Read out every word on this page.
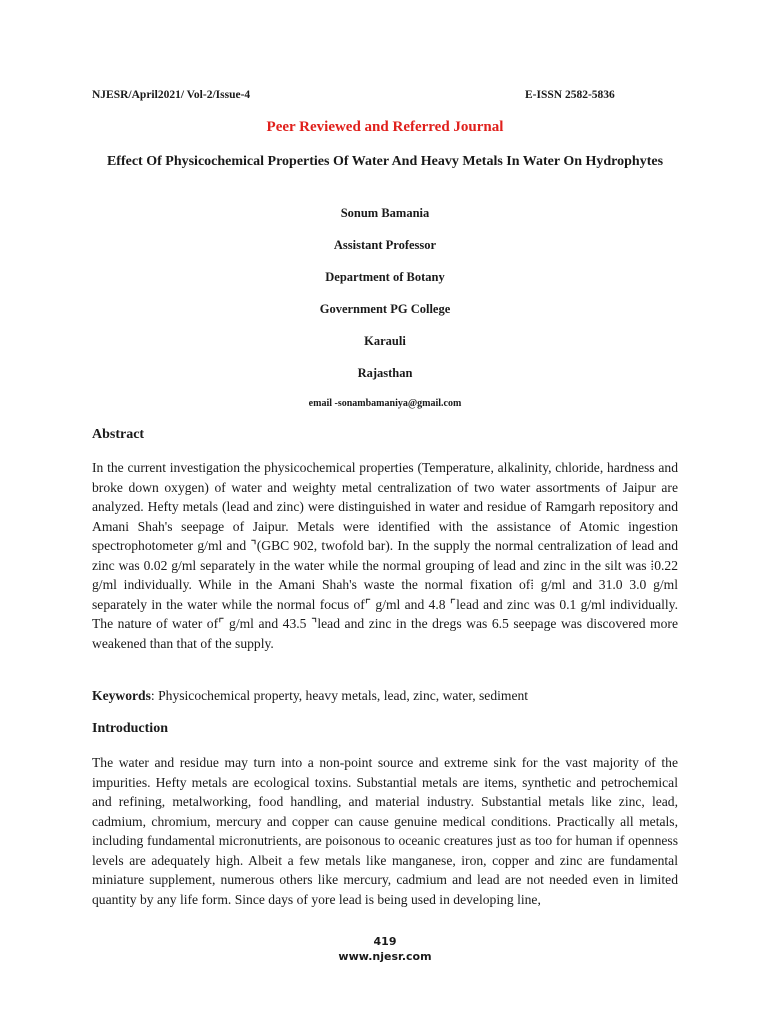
NJESR/April2021/ Vol-2/Issue-4	E-ISSN 2582-5836
Peer Reviewed and Referred Journal
Effect Of Physicochemical Properties Of Water And Heavy Metals In Water On Hydrophytes
Sonum Bamania
Assistant Professor
Department of Botany
Government PG College
Karauli
Rajasthan
email -sonambamaniya@gmail.com
Abstract

In the current investigation the physicochemical properties (Temperature, alkalinity, chloride, hardness and broke down oxygen) of water and weighty metal centralization of two water assortments of Jaipur are analyzed. Hefty metals (lead and zinc) were distinguished in water and residue of Ramgarh repository and Amani Shah's seepage of Jaipur. Metals were identified with the assistance of Atomic ingestion spectrophotometer g/ml and ⌝(GBC 902, twofold bar). In the supply the normal centralization of lead and zinc was 0.02 g/ml separately in the water while the normal grouping of lead and zinc in the silt was ⁞0.22 g/ml individually. While in the Amani Shah's waste the normal fixation of⁞ g/ml and 31.0 3.0 g/ml separately in the water while the normal focus of⌜ g/ml and 4.8 ⌜lead and zinc was 0.1 g/ml individually. The nature of water of⌜ g/ml and 43.5 ⌝lead and zinc in the dregs was 6.5 seepage was discovered more weakened than that of the supply.

Keywords: Physicochemical property, heavy metals, lead, zinc, water, sediment

Introduction

The water and residue may turn into a non-point source and extreme sink for the vast majority of the impurities. Hefty metals are ecological toxins. Substantial metals are items, synthetic and petrochemical and refining, metalworking, food handling, and material industry. Substantial metals like zinc, lead, cadmium, chromium, mercury and copper can cause genuine medical conditions. Practically all metals, including fundamental micronutrients, are poisonous to oceanic creatures just as too for human if openness levels are adequately high. Albeit a few metals like manganese, iron, copper and zinc are fundamental miniature supplement, numerous others like mercury, cadmium and lead are not needed even in limited quantity by any life form. Since days of yore lead is being used in developing line,

419
www.njesr.com
